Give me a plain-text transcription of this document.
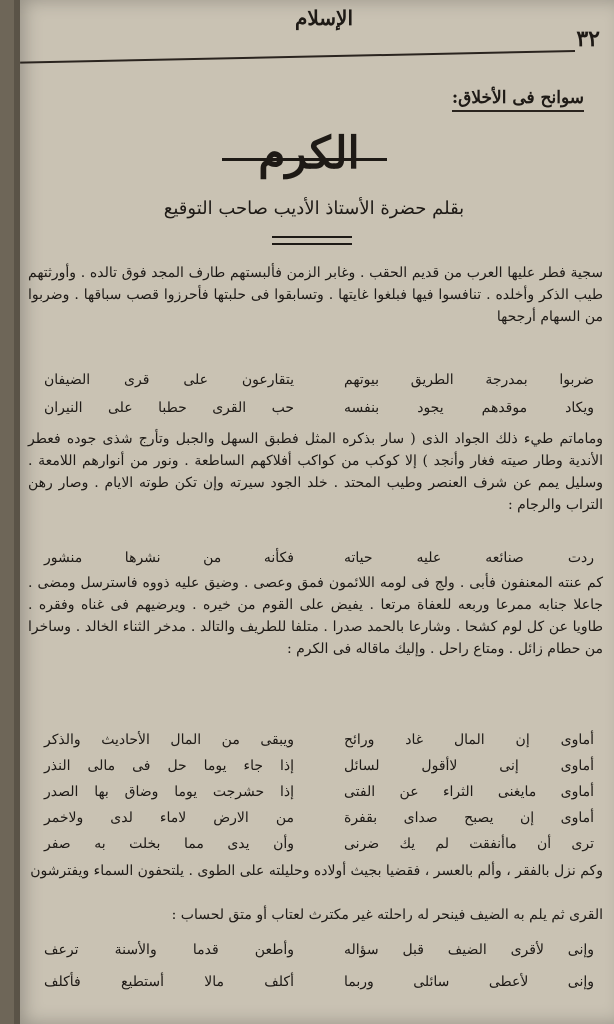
الإسلام
٣٢
سوانح فى الأخلاق:
الكرم
بقلم حضرة الأستاذ الأديب صاحب التوقيع
سجية فطر عليها العرب من قديم الحقب . وغابر الزمن فألبستهم طارف المجد فوق تالده . وأورثتهم طيب الذكر وأخلده . تنافسوا فيها فبلغوا غايتها . وتسابقوا فى حلبتها فأحرزوا قصب سباقها . وضربوا من السهام أرجحها
ضربوا بمدرجة الطريق بيوتهم
يتقارعون على قرى الضيفان
ويكاد موقدهم يجود بنفسه
حب القرى حطبا على النيران
وماماتم طيء ذلك الجواد الذى ( سار بذكره المثل فطبق السهل والجبل وتأرج شذى جوده فعطر الأندية وطار صيته فغار وأنجد ) إلا كوكب من كواكب أفلاكهم الساطعة . ونور من أنوارهم اللامعة . وسليل يمم عن شرف العنصر وطيب المحتد . خلد الجود سيرته وإن تكن طوته الايام . وصار رهن التراب والرجام :
ردت صنائعه عليه حياته
فكأنه من نشرها منشور
كم عنته المعنفون فأبى . ولج فى لومه اللائمون فمق وعصى . وضيق عليه ذووه فاسترسل ومضى . جاعلا جنابه ممرعا وربعه للعفاة مرتعا . يفيض على القوم من خيره . ويرضيهم فى غناه وفقره . طاويا عن كل لوم كشحا . وشارعا بالحمد صدرا . متلفا للطريف والتالد . مدخر الثناء الخالد . وساخرا من حطام زائل . ومتاع راحل . وإليك ماقاله فى الكرم :
أماوى إن المال غاد ورائح
ويبقى من المال الأحاديث والذكر
أماوى إنى لاأقول لسائل
إذا جاء يوما حل فى مالى النذر
أماوى مايغنى الثراء عن الفتى
إذا حشرجت يوما وضاق بها الصدر
أماوى إن يصبح صداى بقفرة
من الارض لاماء لدى ولاخمر
ترى أن ماأنفقت لم يك ضرنى
وأن يدى مما بخلت به صفر
وكم نزل بالفقر ، وألم بالعسر ، فقضيا بجيث أولاده وحليلته على الطوى . يلتحفون السماء ويفترشون
القرى ثم يلم به الضيف فينحر له راحلته غير مكترث لعتاب أو متق لحساب :
وإنى لأقرى الضيف قبل سؤاله
وأطعن قدما والأسنة ترعف
وإنى لأعطى سائلى وربما
أكلف مالا أستطيع فأكلف
